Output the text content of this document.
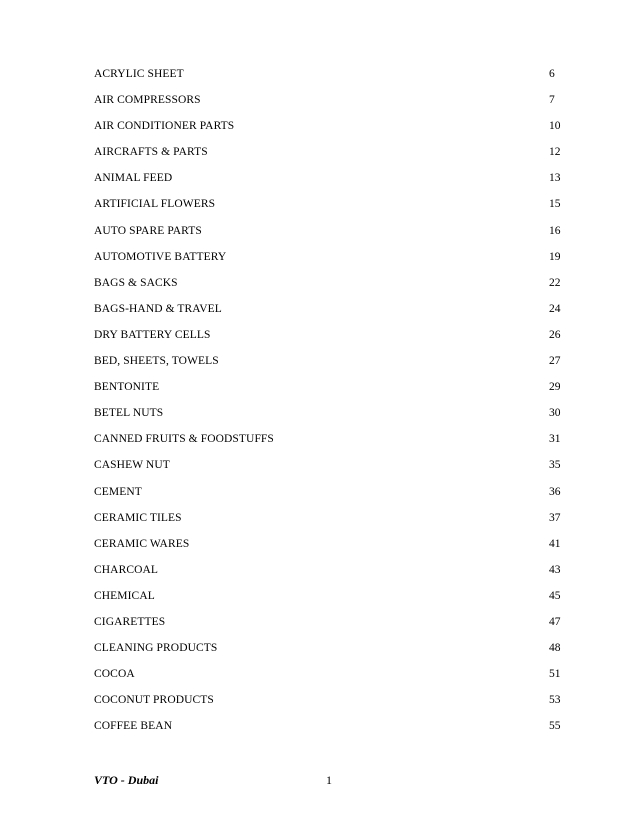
ACRYLIC SHEET	6
AIR COMPRESSORS	7
AIR CONDITIONER PARTS	10
AIRCRAFTS & PARTS	12
ANIMAL FEED	13
ARTIFICIAL FLOWERS	15
AUTO SPARE PARTS	16
AUTOMOTIVE BATTERY	19
BAGS & SACKS	22
BAGS-HAND & TRAVEL	24
DRY BATTERY CELLS	26
BED, SHEETS, TOWELS	27
BENTONITE	29
BETEL NUTS	30
CANNED FRUITS & FOODSTUFFS	31
CASHEW NUT	35
CEMENT	36
CERAMIC TILES	37
CERAMIC WARES	41
CHARCOAL	43
CHEMICAL	45
CIGARETTES	47
CLEANING PRODUCTS	48
COCOA	51
COCONUT PRODUCTS	53
COFFEE BEAN	55
VTO - Dubai	1
